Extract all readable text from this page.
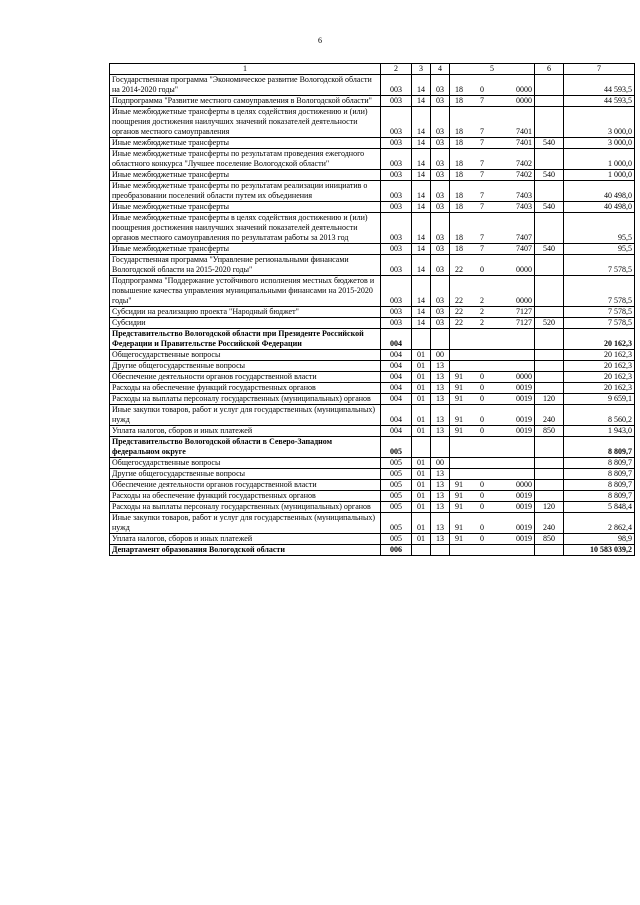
6
1	2	3	4	5	6	7
Государственная программа "Экономическое развитие Вологодской области на 2014-2020 годы"	003	14	03	18 0 0000		44 593,5
Подпрограмма "Развитие местного самоуправления в Вологодской области"	003	14	03	18 7 0000		44 593,5
Иные межбюджетные трансферты в целях содействия достижению и (или) поощрения достижения наилучших значений показателей деятельности органов местного самоуправления	003	14	03	18 7 7401		3 000,0
Иные межбюджетные трансферты	003	14	03	18 7 7401	540	3 000,0
Иные межбюджетные трансферты по результатам проведения ежегодного областного конкурса "Лучшее поселение Вологодской области"	003	14	03	18 7 7402		1 000,0
Иные межбюджетные трансферты	003	14	03	18 7 7402	540	1 000,0
Иные межбюджетные трансферты по результатам реализации инициатив о преобразовании поселений области путем их объединения	003	14	03	18 7 7403		40 498,0
Иные межбюджетные трансферты	003	14	03	18 7 7403	540	40 498,0
Иные межбюджетные трансферты в целях содействия достижению и (или) поощрения достижения наилучших значений показателей деятельности органов местного самоуправления по результатам работы за 2013 год	003	14	03	18 7 7407		95,5
Иные межбюджетные трансферты	003	14	03	18 7 7407	540	95,5
Государственная программа "Управление региональными финансами Вологодской области на 2015-2020 годы"	003	14	03	22 0 0000		7 578,5
Подпрограмма "Поддержание устойчивого исполнения местных бюджетов и повышение качества управления муниципальными финансами на 2015-2020 годы"	003	14	03	22 2 0000		7 578,5
Субсидии на реализацию проекта "Народный бюджет"	003	14	03	22 2 7127		7 578,5
Субсидии	003	14	03	22 2 7127	520	7 578,5
Представительство Вологодской области при Президенте Российской Федерации и Правительстве Российской Федерации	004					20 162,3
Общегосударственные вопросы	004	01	00			20 162,3
Другие общегосударственные вопросы	004	01	13			20 162,3
Обеспечение деятельности органов государственной власти	004	01	13	91 0 0000		20 162,3
Расходы на обеспечение функций государственных органов	004	01	13	91 0 0019		20 162,3
Расходы на выплаты персоналу государственных (муниципальных) органов	004	01	13	91 0 0019	120	9 659,1
Иные закупки товаров, работ и услуг для государственных (муниципальных) нужд	004	01	13	91 0 0019	240	8 560,2
Уплата налогов, сборов и иных платежей	004	01	13	91 0 0019	850	1 943,0
Представительство Вологодской области в Северо-Западном федеральном округе	005					8 809,7
Общегосударственные вопросы	005	01	00			8 809,7
Другие общегосударственные вопросы	005	01	13			8 809,7
Обеспечение деятельности органов государственной власти	005	01	13	91 0 0000		8 809,7
Расходы на обеспечение функций государственных органов	005	01	13	91 0 0019		8 809,7
Расходы на выплаты персоналу государственных (муниципальных) органов	005	01	13	91 0 0019	120	5 848,4
Иные закупки товаров, работ и услуг для государственных (муниципальных) нужд	005	01	13	91 0 0019	240	2 862,4
Уплата налогов, сборов и иных платежей	005	01	13	91 0 0019	850	98,9
Департамент образования Вологодской области	006					10 583 039,2
